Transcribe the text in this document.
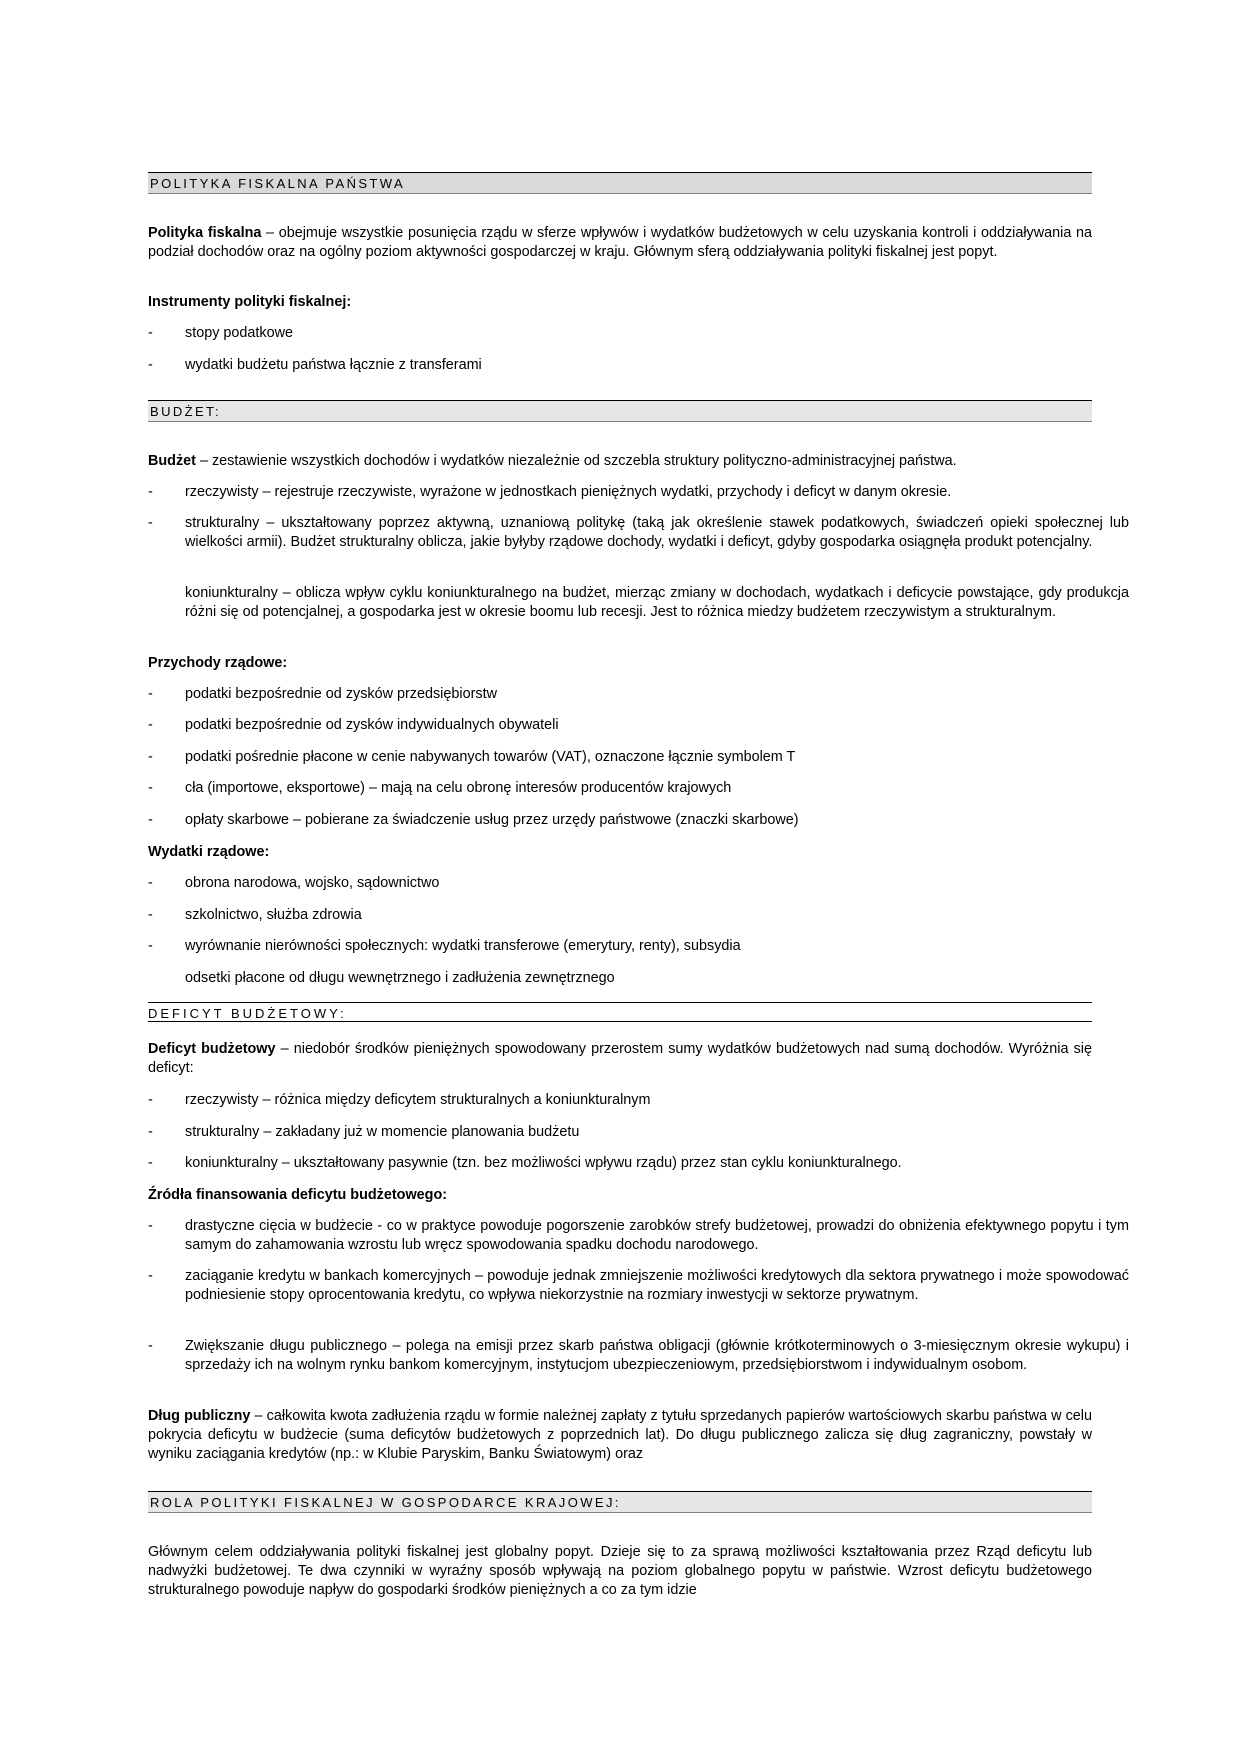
POLITYKA FISKALNA PAŃSTWA

Polityka fiskalna – obejmuje wszystkie posunięcia rządu w sferze wpływów i wydatków budżetowych w celu uzyskania kontroli i oddziaływania na podział dochodów oraz na ogólny poziom aktywności gospodarczej w kraju. Głównym sferą oddziaływania polityki fiskalnej jest popyt.

Instrumenty polityki fiskalnej:

- stopy podatkowe
- wydatki budżetu państwa łącznie z transferami
BUDŻET:

Budżet – zestawienie wszystkich dochodów i wydatków niezależnie od szczebla struktury polityczno-administracyjnej państwa.

- rzeczywisty – rejestruje rzeczywiste, wyrażone w jednostkach pieniężnych wydatki, przychody i deficyt w danym okresie.
- strukturalny – ukształtowany poprzez aktywną, uznaniową politykę (taką jak określenie stawek podatkowych, świadczeń opieki społecznej lub wielkości armii). Budżet strukturalny oblicza, jakie byłyby rządowe dochody, wydatki i deficyt, gdyby gospodarka osiągnęła produkt potencjalny.
koniunkturalny – oblicza wpływ cyklu koniunkturalnego na budżet, mierząc zmiany w dochodach, wydatkach i deficycie powstające, gdy produkcja różni się od potencjalnej, a gospodarka jest w okresie boomu lub recesji. Jest to różnica miedzy budżetem rzeczywistym a strukturalnym.

Przychody rządowe:

- podatki bezpośrednie od zysków przedsiębiorstw
- podatki bezpośrednie od zysków indywidualnych obywateli
- podatki pośrednie płacone w cenie nabywanych towarów (VAT), oznaczone łącznie symbolem T
- cła (importowe, eksportowe) – mają na celu obronę interesów producentów krajowych
- opłaty skarbowe – pobierane za świadczenie usług przez urzędy państwowe (znaczki skarbowe)

Wydatki rządowe:

- obrona narodowa, wojsko, sądownictwo
- szkolnictwo, służba zdrowia
- wyrównanie nierówności społecznych: wydatki transferowe (emerytury, renty), subsydia
odsetki płacone od długu wewnętrznego i zadłużenia zewnętrznego
DEFICYT BUDŻETOWY:

Deficyt budżetowy – niedobór środków pieniężnych spowodowany przerostem sumy wydatków budżetowych nad sumą dochodów. Wyróżnia się deficyt:

- rzeczywisty – różnica między deficytem strukturalnych a koniunkturalnym
- strukturalny – zakładany już w momencie planowania budżetu
- koniunkturalny – ukształtowany pasywnie (tzn. bez możliwości wpływu rządu) przez stan cyklu koniunkturalnego.

Źródła finansowania deficytu budżetowego:

- drastyczne cięcia w budżecie - co w praktyce powoduje pogorszenie zarobków strefy budżetowej, prowadzi do obniżenia efektywnego popytu i tym samym do zahamowania wzrostu lub wręcz spowodowania spadku dochodu narodowego.
- zaciąganie kredytu w bankach komercyjnych – powoduje jednak zmniejszenie możliwości kredytowych dla sektora prywatnego i może spowodować podniesienie stopy oprocentowania kredytu, co wpływa niekorzystnie na rozmiary inwestycji w sektorze prywatnym.
- Zwiększanie długu publicznego – polega na emisji przez skarb państwa obligacji (głównie krótkoterminowych o 3-miesięcznym okresie wykupu) i sprzedaży ich na wolnym rynku bankom komercyjnym, instytucjom ubezpieczeniowym, przedsiębiorstwom i indywidualnym osobom.

Dług publiczny – całkowita kwota zadłużenia rządu w formie należnej zapłaty z tytułu sprzedanych papierów wartościowych skarbu państwa w celu pokrycia deficytu w budżecie (suma deficytów budżetowych z poprzednich lat). Do długu publicznego zalicza się dług zagraniczny, powstały w wyniku zaciągania kredytów (np.: w Klubie Paryskim, Banku Światowym) oraz

ROLA POLITYKI FISKALNEJ W GOSPODARCE KRAJOWEJ:

Głównym celem oddziaływania polityki fiskalnej jest globalny popyt. Dzieje się to za sprawą możliwości kształtowania przez Rząd deficytu lub nadwyżki budżetowej. Te dwa czynniki w wyraźny sposób wpływają na poziom globalnego popytu w państwie. Wzrost deficytu budżetowego strukturalnego powoduje napływ do gospodarki środków pieniężnych a co za tym idzie
